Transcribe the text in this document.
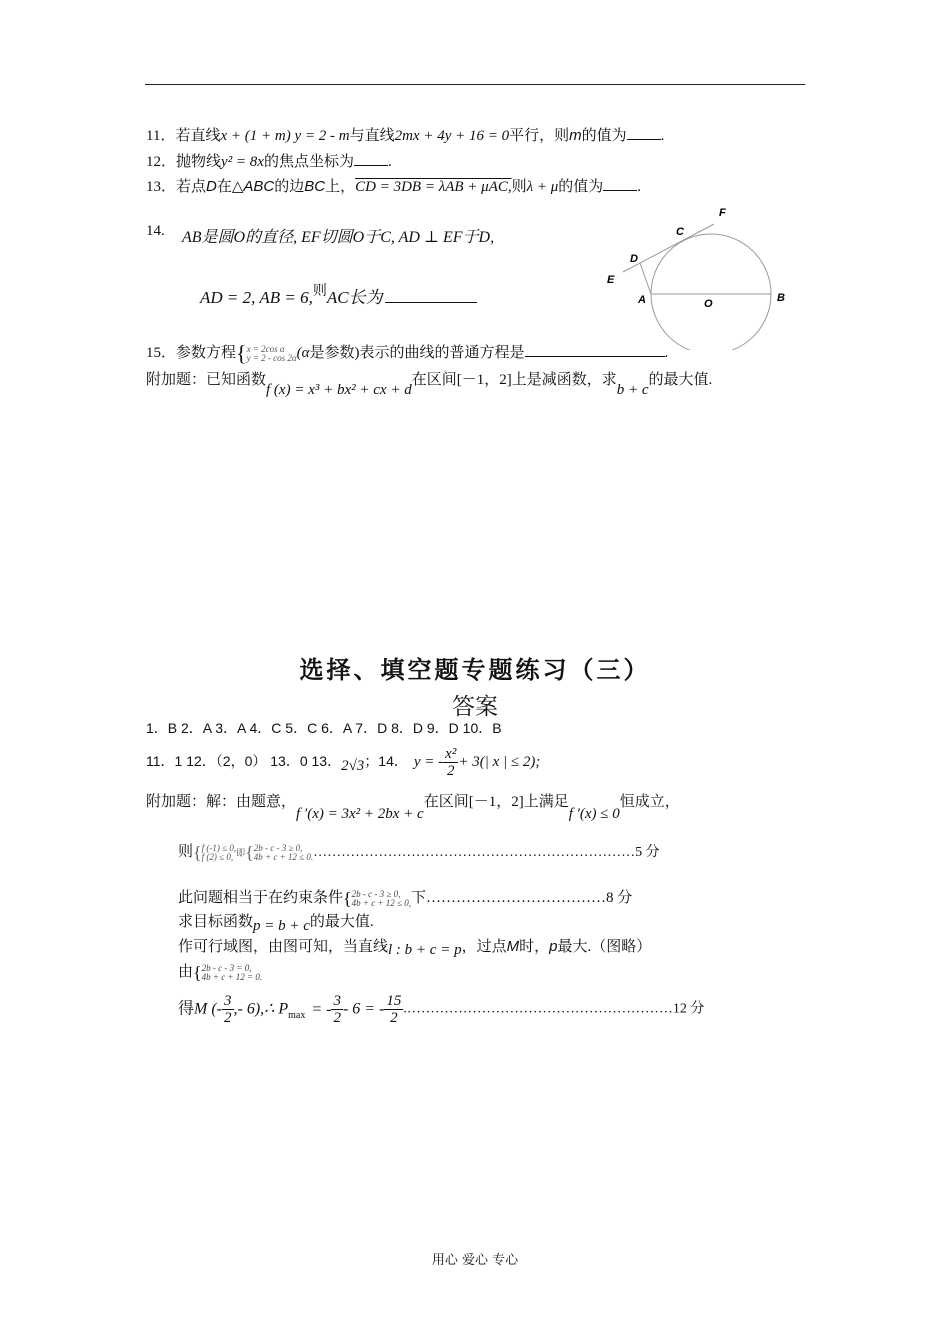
11．若直线x + (1 + m) y = 2 - m与直线2mx + 4y + 16 = 0平行，则m的值为 .
12．抛物线y² = 8x的焦点坐标为 .
13．若点D在△ABC的边BC上，CD = 3DB = λAB + μAC,则λ + μ的值为 .
14. AB是圆O的直径, EF切圆O于C, AD ⊥ EF于D,
AD = 2, AB = 6,$^则$AC长为
F
C
D
E
A	O	B
15．参数方程{x = 2cos α
y = 2 - cos 2α(α是参数)表示的曲线的普通方程是	.
附加题：已知函数f (x) = x³ + bx² + cx + d在区间[－1，2]上是减函数，求b + c的最大值.
选择、填空题专题练习（三）
答案
1．B 2．A 3．A 4．C 5．C 6．A 7．D 8．D 9．D 10．B
11．1 12．（2，0） 13．0 13．2√3；14． y = - $\frac{\text{x²}}{2} + 3(|$ x | ≤ 2);
附加题：解：由题意，f ′(x) = 3x² + 2bx + c在区间[－1，2]上满足f ′(x) ≤ 0恒成立，
则{f (-1) ≤ 0,
f (2) ≤ 0, 即{2b - c - 3 ≥ 0,
4b + c + 12 ≤ 0.……………………………………………………………5 分
此问题相当于在约束条件{2b - c - 3 ≥ 0,
4b + c + 12 ≤ 0,下………………………………8 分
求目标函数p = b + c的最大值.
作可行域图，由图可知，当直线l : b + c = p，过点M时，p最大.（图略）
由{2b - c - 3 = 0,
4b + c + 12 = 0.
得M (- $\frac{3}{2}$ ,- 6),∴ $P_{max}$ = - $\frac{3}{2} - 6$ = - $\frac{15}{2}$ .…………………………………………………12 分
用心 爱心 专心
